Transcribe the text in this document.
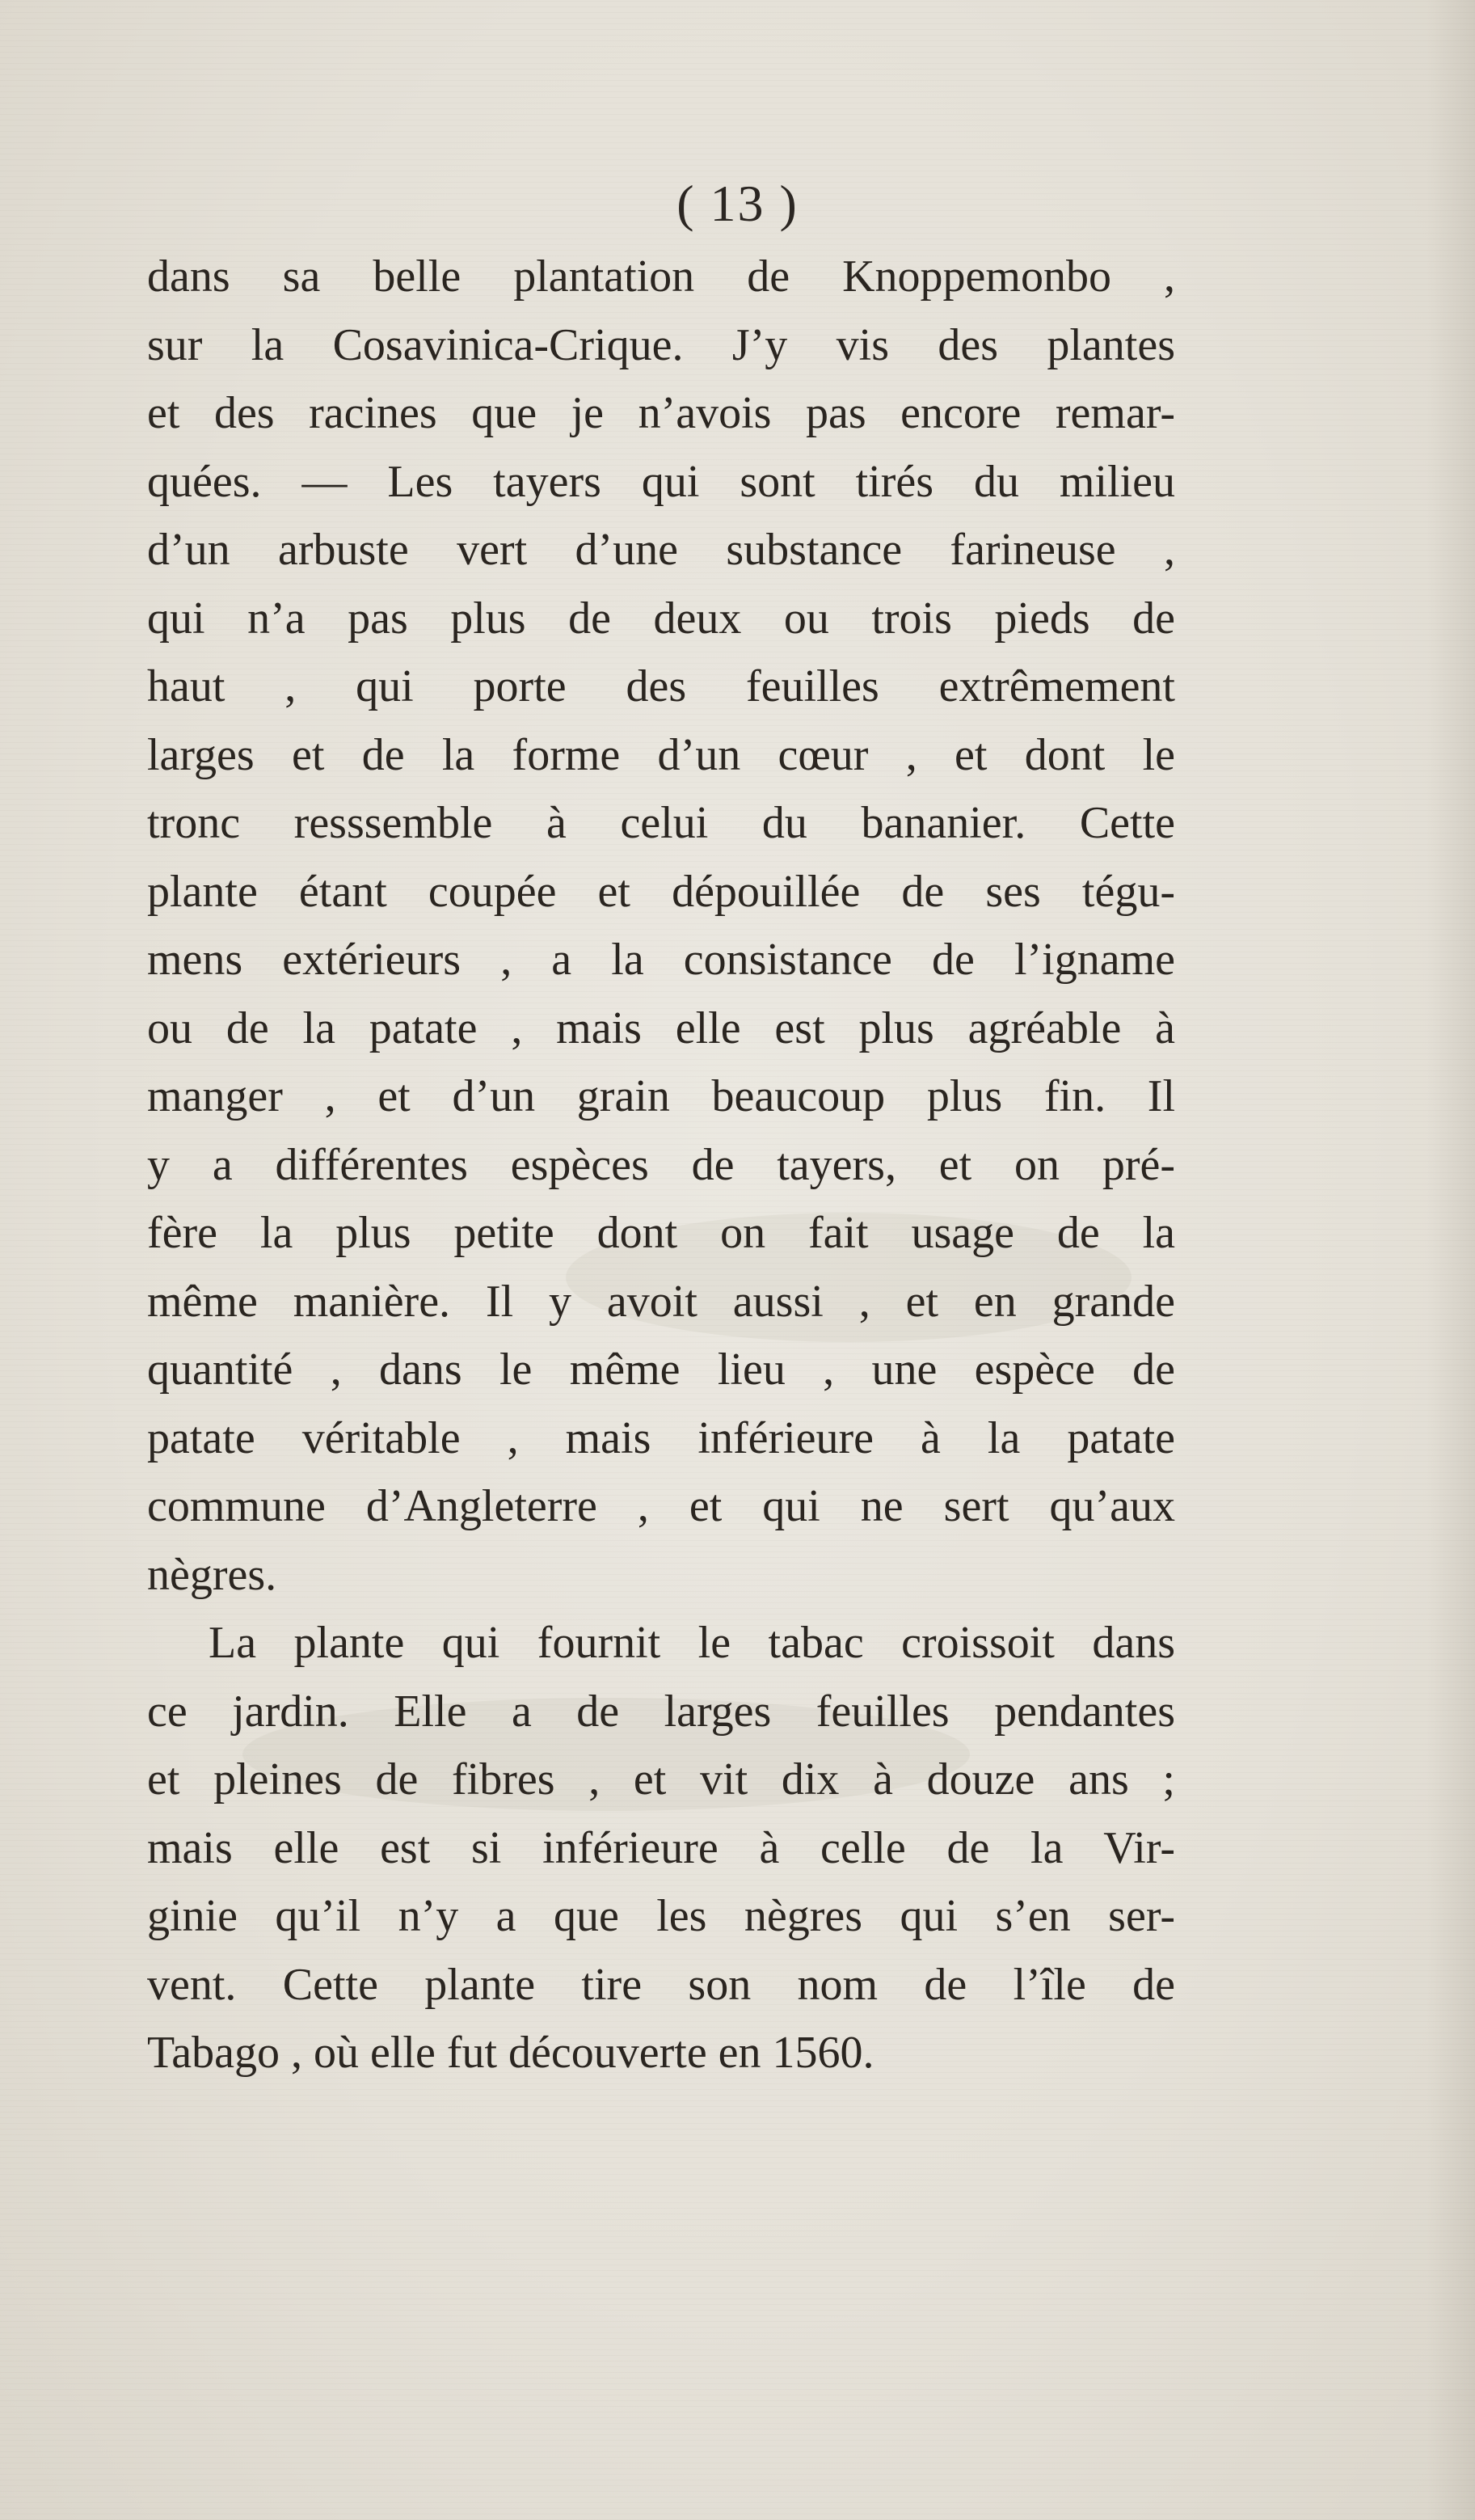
( 13 )
dans sa belle plantation de Knoppemonbo ,
sur la Cosavinica-Crique. J’y vis des plantes
et des racines que je n’avois pas encore remar-
quées. — Les tayers qui sont tirés du milieu
d’un arbuste vert d’une substance farineuse ,
qui n’a pas plus de deux ou trois pieds de
haut , qui porte des feuilles extrêmement
larges et de la forme d’un cœur , et dont le
tronc resssemble à celui du bananier. Cette
plante étant coupée et dépouillée de ses tégu-
mens extérieurs , a la consistance de l’igname
ou de la patate , mais elle est plus agréable à
manger , et d’un grain beaucoup plus fin. Il
y a différentes espèces de tayers, et on pré-
fère la plus petite dont on fait usage de la
même manière. Il y avoit aussi , et en grande
quantité , dans le même lieu , une espèce de
patate véritable , mais inférieure à la patate
commune d’Angleterre , et qui ne sert qu’aux
nègres.
La plante qui fournit le tabac croissoit dans
ce jardin. Elle a de larges feuilles pendantes
et pleines de fibres , et vit dix à douze ans ;
mais elle est si inférieure à celle de la Vir-
ginie qu’il n’y a que les nègres qui s’en ser-
vent. Cette plante tire son nom de l’île de
Tabago , où elle fut découverte en 1560.
